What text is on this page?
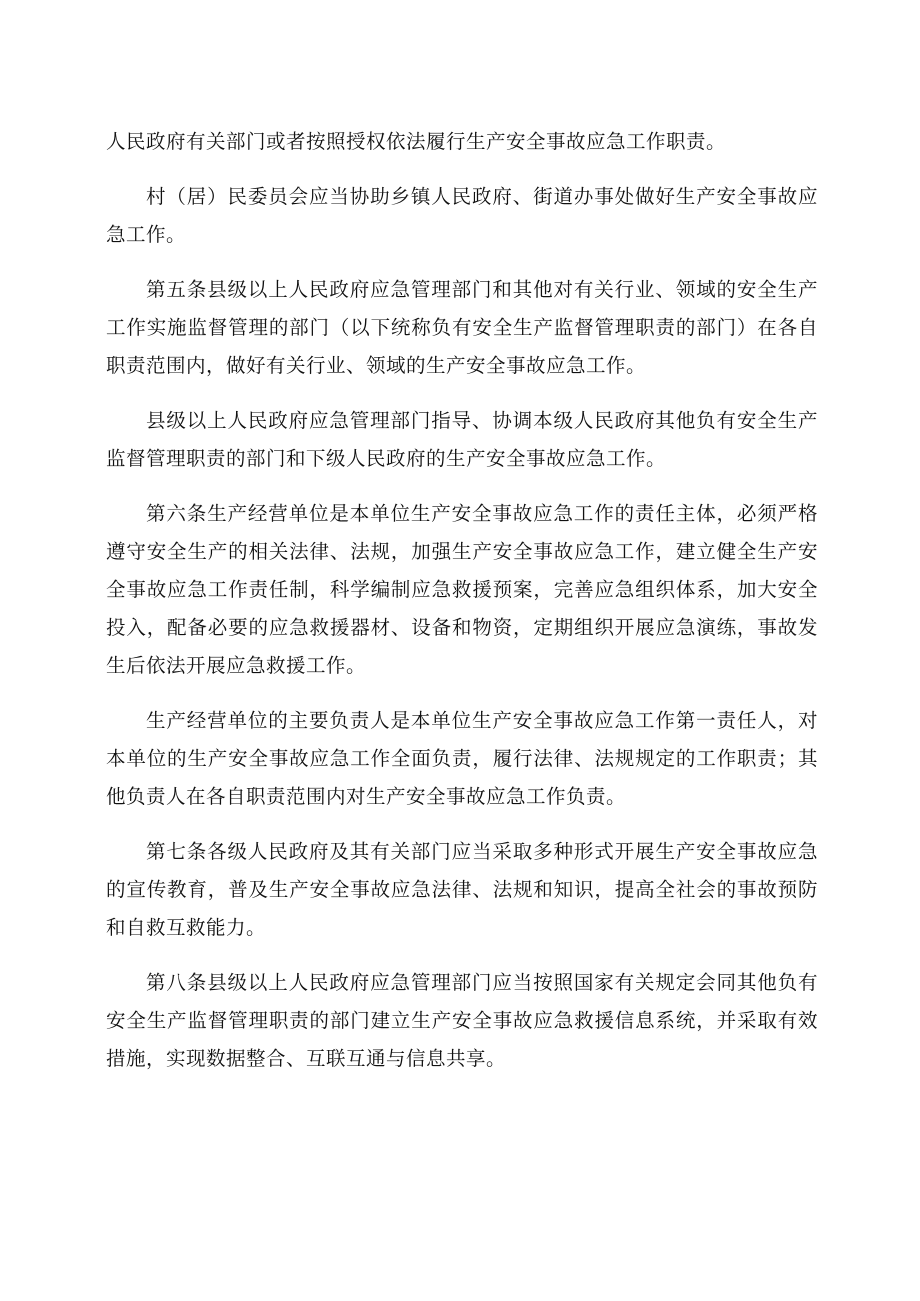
人民政府有关部门或者按照授权依法履行生产安全事故应急工作职责。

村（居）民委员会应当协助乡镇人民政府、街道办事处做好生产安全事故应急工作。

第五条县级以上人民政府应急管理部门和其他对有关行业、领域的安全生产工作实施监督管理的部门（以下统称负有安全生产监督管理职责的部门）在各自职责范围内，做好有关行业、领域的生产安全事故应急工作。

县级以上人民政府应急管理部门指导、协调本级人民政府其他负有安全生产监督管理职责的部门和下级人民政府的生产安全事故应急工作。

第六条生产经营单位是本单位生产安全事故应急工作的责任主体，必须严格遵守安全生产的相关法律、法规，加强生产安全事故应急工作，建立健全生产安全事故应急工作责任制，科学编制应急救援预案，完善应急组织体系，加大安全投入，配备必要的应急救援器材、设备和物资，定期组织开展应急演练，事故发生后依法开展应急救援工作。

生产经营单位的主要负责人是本单位生产安全事故应急工作第一责任人，对本单位的生产安全事故应急工作全面负责，履行法律、法规规定的工作职责；其他负责人在各自职责范围内对生产安全事故应急工作负责。

第七条各级人民政府及其有关部门应当采取多种形式开展生产安全事故应急的宣传教育，普及生产安全事故应急法律、法规和知识，提高全社会的事故预防和自救互救能力。

第八条县级以上人民政府应急管理部门应当按照国家有关规定会同其他负有安全生产监督管理职责的部门建立生产安全事故应急救援信息系统，并采取有效措施，实现数据整合、互联互通与信息共享。
